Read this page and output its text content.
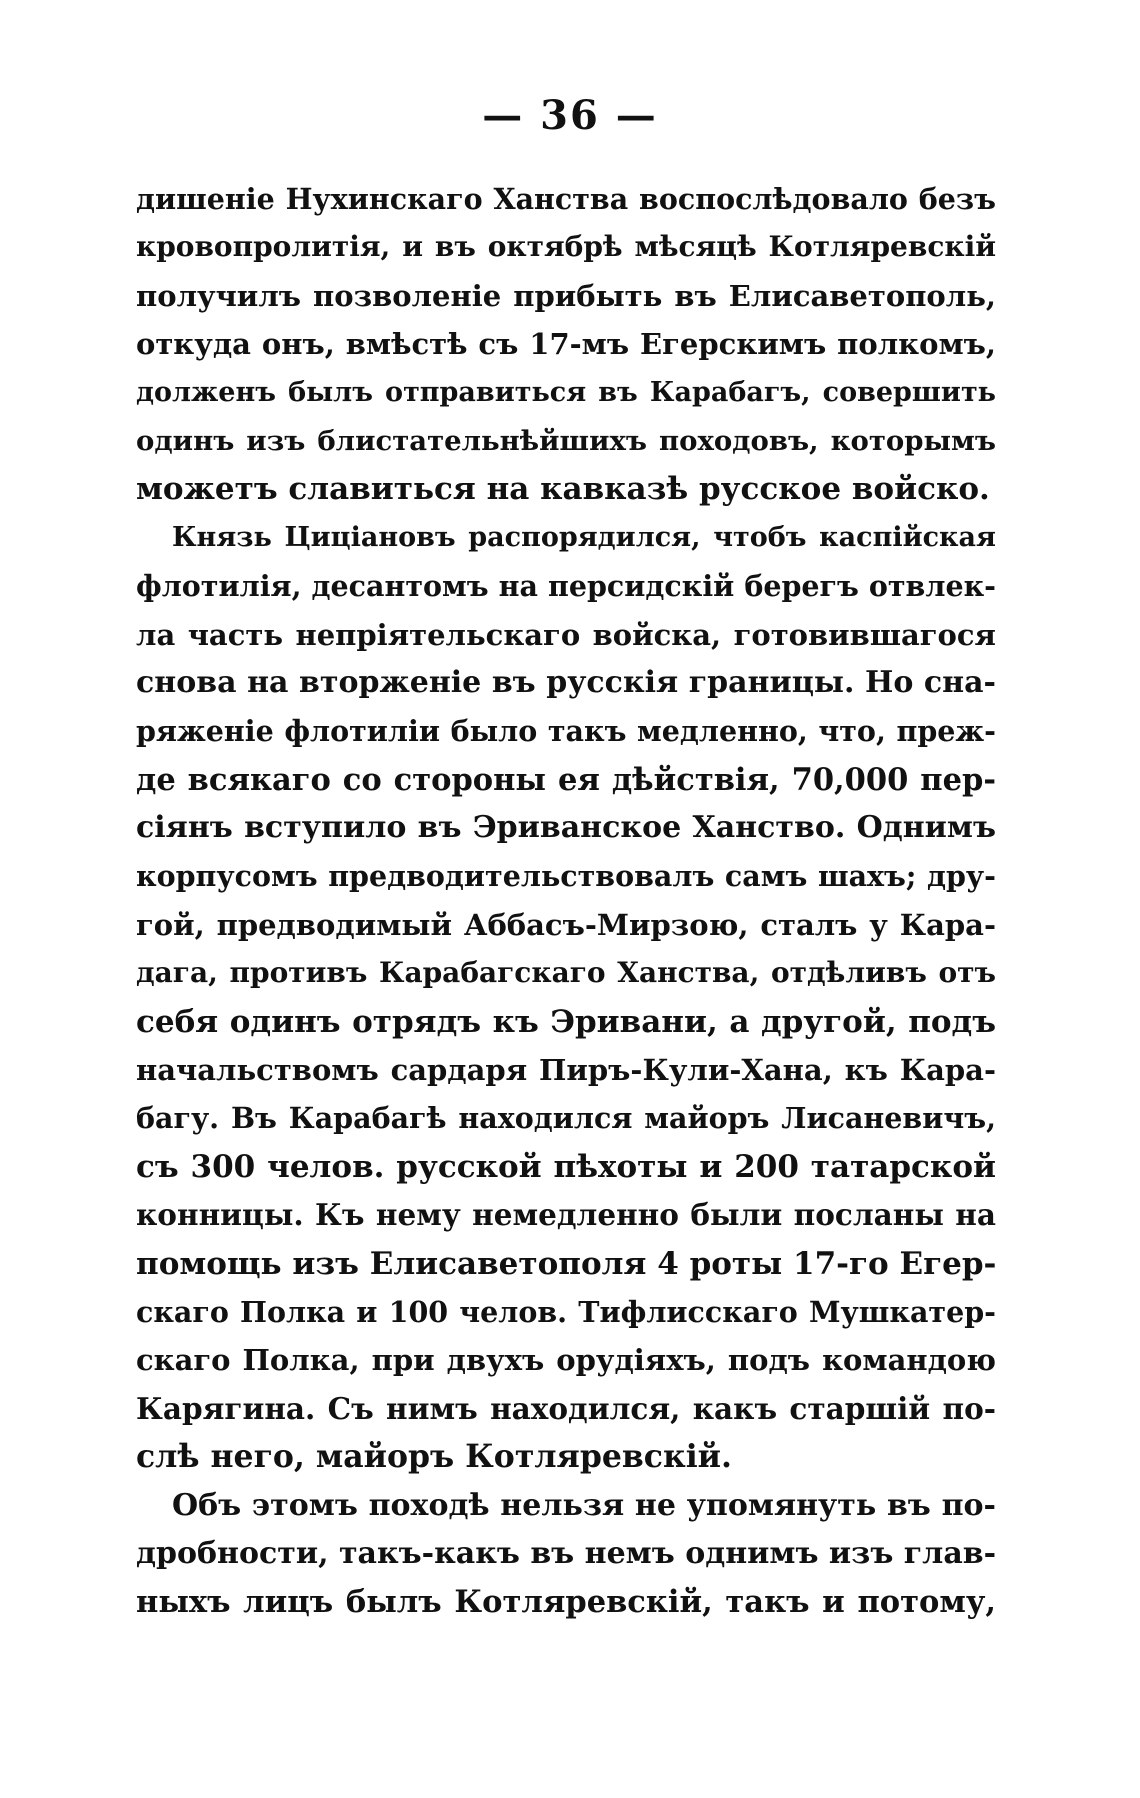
— 36 —
дишеніе Нухинскаго Ханства воспослѣдовало безъ
кровопролитія, и въ октябрѣ мѣсяцѣ Котляревскій
получилъ позволеніе прибыть въ Елисаветополь,
откуда онъ, вмѣстѣ съ 17-мъ Егерскимъ полкомъ,
долженъ былъ отправиться въ Карабагъ, совершить
одинъ изъ блистательнѣйшихъ походовъ, которымъ
можетъ славиться на кавказѣ русское войско.
Князь Циціановъ распорядился, чтобъ каспійская
флотилія, десантомъ на персидскій берегъ отвлек-
ла часть непріятельскаго войска, готовившагося
снова на вторженіе въ русскія границы. Но сна-
ряженіе флотиліи было такъ медленно, что, преж-
де всякаго со стороны ея дѣйствія, 70,000 пер-
сіянъ вступило въ Эриванское Ханство. Однимъ
корпусомъ предводительствовалъ самъ шахъ; дру-
гой, предводимый Аббасъ-Мирзою, сталъ у Кара-
дага, противъ Карабагскаго Ханства, отдѣливъ отъ
себя одинъ отрядъ къ Эривани, а другой, подъ
начальствомъ сардаря Пиръ-Кули-Хана, къ Кара-
багу. Въ Карабагѣ находился майоръ Лисаневичъ,
съ 300 челов. русской пѣхоты и 200 татарской
конницы. Къ нему немедленно были посланы на
помощь изъ Елисаветополя 4 роты 17-го Егер-
скаго Полка и 100 челов. Тифлисскаго Мушкатер-
скаго Полка, при двухъ орудіяхъ, подъ командою
Карягина. Съ нимъ находился, какъ старшій по-
слѣ него, майоръ Котляревскій.
Объ этомъ походѣ нельзя не упомянуть въ по-
дробности, такъ-какъ въ немъ однимъ изъ глав-
ныхъ лицъ былъ Котляревскій, такъ и потому,
